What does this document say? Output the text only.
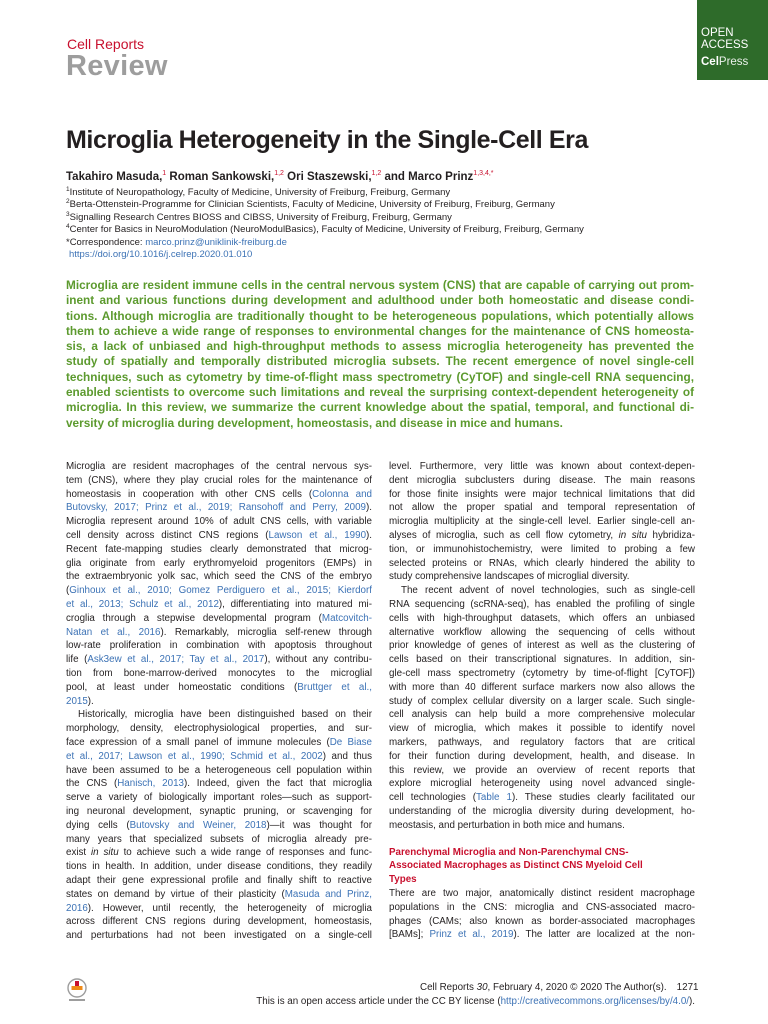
Cell Reports
Review
OPEN
ACCESS
CelPress
Microglia Heterogeneity in the Single-Cell Era
Takahiro Masuda,$^1$ Roman Sankowski,$^{1,2}$ Ori Staszewski,$^{1,2}$ and Marco Prinz$^{1,3,4,*}$
$^1$Institute of Neuropathology, Faculty of Medicine, University of Freiburg, Freiburg, Germany
$^2$Berta-Ottenstein-Programme for Clinician Scientists, Faculty of Medicine, University of Freiburg, Freiburg, Germany
$^3$Signalling Research Centres BIOSS and CIBSS, University of Freiburg, Freiburg, Germany
$^4$Center for Basics in NeuroModulation (NeuroModulBasics), Faculty of Medicine, University of Freiburg, Freiburg, Germany
*Correspondence: marco.prinz@uniklinik-freiburg.de
https://doi.org/10.1016/j.celrep.2020.01.010
Microglia are resident immune cells in the central nervous system (CNS) that are capable of carrying out prom-
inent and various functions during development and adulthood under both homeostatic and disease condi-
tions. Although microglia are traditionally thought to be heterogeneous populations, which potentially allows
them to achieve a wide range of responses to environmental changes for the maintenance of CNS homeosta-
sis, a lack of unbiased and high-throughput methods to assess microglia heterogeneity has prevented the
study of spatially and temporally distributed microglia subsets. The recent emergence of novel single-cell
techniques, such as cytometry by time-of-flight mass spectrometry (CyTOF) and single-cell RNA sequencing,
enabled scientists to overcome such limitations and reveal the surprising context-dependent heterogeneity of
microglia. In this review, we summarize the current knowledge about the spatial, temporal, and functional di-
versity of microglia during development, homeostasis, and disease in mice and humans.
Microglia are resident macrophages of the central nervous sys-
tem (CNS), where they play crucial roles for the maintenance of
homeostasis in cooperation with other CNS cells (Colonna and
Butovsky, 2017; Prinz et al., 2019; Ransohoff and Perry, 2009).
Microglia represent around 10% of adult CNS cells, with variable
cell density across distinct CNS regions (Lawson et al., 1990).
Recent fate-mapping studies clearly demonstrated that microg-
glia originate from early erythromyeloid progenitors (EMPs) in
the extraembryonic yolk sac, which seed the CNS of the embryo
(Ginhoux et al., 2010; Gomez Perdiguero et al., 2015; Kierdorf
et al., 2013; Schulz et al., 2012), differentiating into matured mi-
croglia through a stepwise developmental program (Matcovitch-
Natan et al., 2016). Remarkably, microglia self-renew through
low-rate proliferation in combination with apoptosis throughout
life (Ask3ew et al., 2017; Tay et al., 2017), without any contribu-
tion from bone-marrow-derived monocytes to the microglial
pool, at least under homeostatic conditions (Bruttger et al.,
2015).
Historically, microglia have been distinguished based on their
morphology, density, electrophysiological properties, and sur-
face expression of a small panel of immune molecules (De Biase
et al., 2017; Lawson et al., 1990; Schmid et al., 2002) and thus
have been assumed to be a heterogeneous cell population within
the CNS (Hanisch, 2013). Indeed, given the fact that microglia
serve a variety of biologically important roles—such as support-
ing neuronal development, synaptic pruning, or scavenging for
dying cells (Butovsky and Weiner, 2018)—it was thought for
many years that specialized subsets of microglia already pre-
exist in situ to achieve such a wide range of responses and func-
tions in health. In addition, under disease conditions, they readily
adapt their gene expressional profile and finally shift to reactive
states on demand by virtue of their plasticity (Masuda and Prinz,
2016). However, until recently, the heterogeneity of microglia
across different CNS regions during development, homeostasis,
and perturbations had not been investigated on a single-cell
level. Furthermore, very little was known about context-depen-
dent microglia subclusters during disease. The main reasons
for those finite insights were major technical limitations that did
not allow the proper spatial and temporal representation of
microglia multiplicity at the single-cell level. Earlier single-cell an-
alyses of microglia, such as cell flow cytometry, in situ hybridiza-
tion, or immunohistochemistry, were limited to probing a few
selected proteins or RNAs, which clearly hindered the ability to
study comprehensive landscapes of microglial diversity.
The recent advent of novel technologies, such as single-cell
RNA sequencing (scRNA-seq), has enabled the profiling of single
cells with high-throughput datasets, which offers an unbiased
alternative workflow allowing the sequencing of cells without
prior knowledge of genes of interest as well as the clustering of
cells based on their transcriptional signatures. In addition, sin-
gle-cell mass spectrometry (cytometry by time-of-flight [CyTOF])
with more than 40 different surface markers now also allows the
study of complex cellular diversity on a larger scale. Such single-
cell analysis can help build a more comprehensive molecular
view of microglia, which makes it possible to identify novel
markers, pathways, and regulatory factors that are critical
for their function during development, health, and disease. In
this review, we provide an overview of recent reports that
explore microglial heterogeneity using novel advanced single-
cell technologies (Table 1). These studies clearly facilitated our
understanding of the microglia diversity during development, ho-
meostasis, and perturbation in both mice and humans.
Parenchymal Microglia and Non-Parenchymal CNS-
Associated Macrophages as Distinct CNS Myeloid Cell
Types
There are two major, anatomically distinct resident macrophage
populations in the CNS: microglia and CNS-associated macro-
phages (CAMs; also known as border-associated macrophages
[BAMs]; Prinz et al., 2019). The latter are localized at the non-
Cell Reports 30, February 4, 2020 © 2020 The Author(s). 1271
This is an open access article under the CC BY license (http://creativecommons.org/licenses/by/4.0/).
